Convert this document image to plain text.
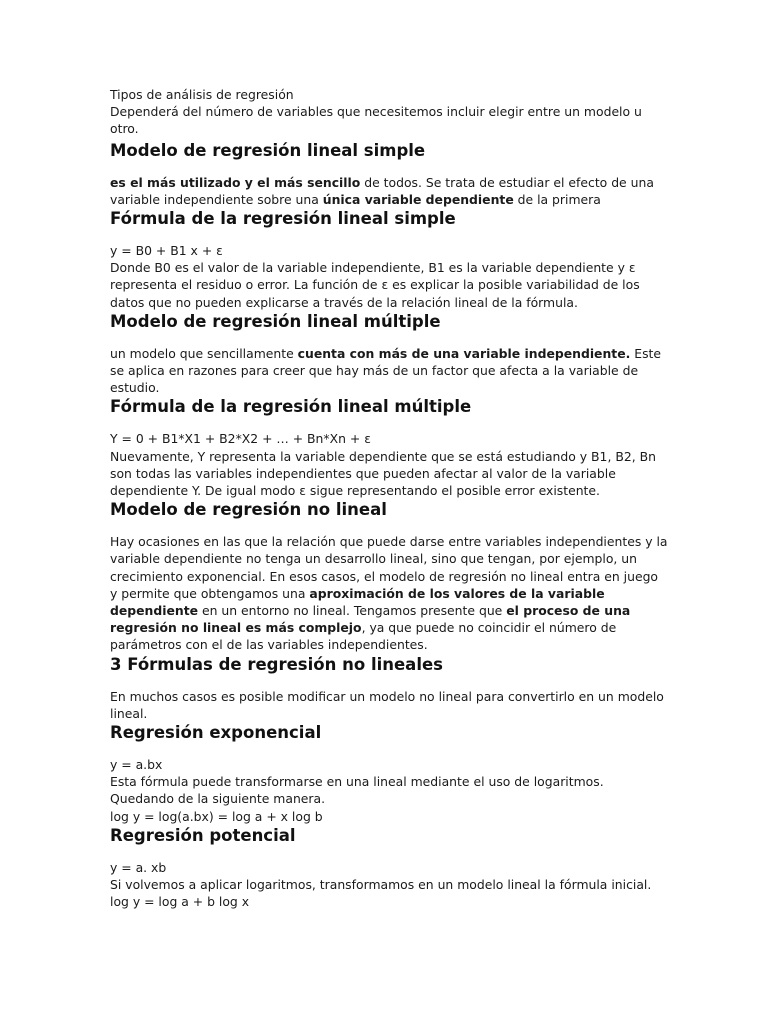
Tipos de análisis de regresión

Dependerá del número de variables que necesitemos incluir elegir entre un modelo u otro.

Modelo de regresión lineal simple

es el más utilizado y el más sencillo de todos. Se trata de estudiar el efecto de una variable independiente sobre una única variable dependiente de la primera

Fórmula de la regresión lineal simple

y = B0 + B1 x + ε

Donde B0 es el valor de la variable independiente, B1 es la variable dependiente y ε representa el residuo o error. La función de ε es explicar la posible variabilidad de los datos que no pueden explicarse a través de la relación lineal de la fórmula.

Modelo de regresión lineal múltiple

un modelo que sencillamente cuenta con más de una variable independiente. Este se aplica en razones para creer que hay más de un factor que afecta a la variable de estudio.

Fórmula de la regresión lineal múltiple

Y = 0 + B1*X1 + B2*X2 + … + Bn*Xn + ε

Nuevamente, Y representa la variable dependiente que se está estudiando y B1, B2, Bn son todas las variables independientes que pueden afectar al valor de la variable dependiente Y. De igual modo ε sigue representando el posible error existente.

Modelo de regresión no lineal

Hay ocasiones en las que la relación que puede darse entre variables independientes y la variable dependiente no tenga un desarrollo lineal, sino que tengan, por ejemplo, un crecimiento exponencial. En esos casos, el modelo de regresión no lineal entra en juego y permite que obtengamos una aproximación de los valores de la variable dependiente en un entorno no lineal. Tengamos presente que el proceso de una regresión no lineal es más complejo, ya que puede no coincidir el número de parámetros con el de las variables independientes.

3 Fórmulas de regresión no lineales

En muchos casos es posible modificar un modelo no lineal para convertirlo en un modelo lineal.

Regresión exponencial

y = a.bx

Esta fórmula puede transformarse en una lineal mediante el uso de logaritmos. Quedando de la siguiente manera.

log y = log(a.bx) = log a + x log b

Regresión potencial

y = a. xb

Si volvemos a aplicar logaritmos, transformamos en un modelo lineal la fórmula inicial.

log y = log a + b log x
